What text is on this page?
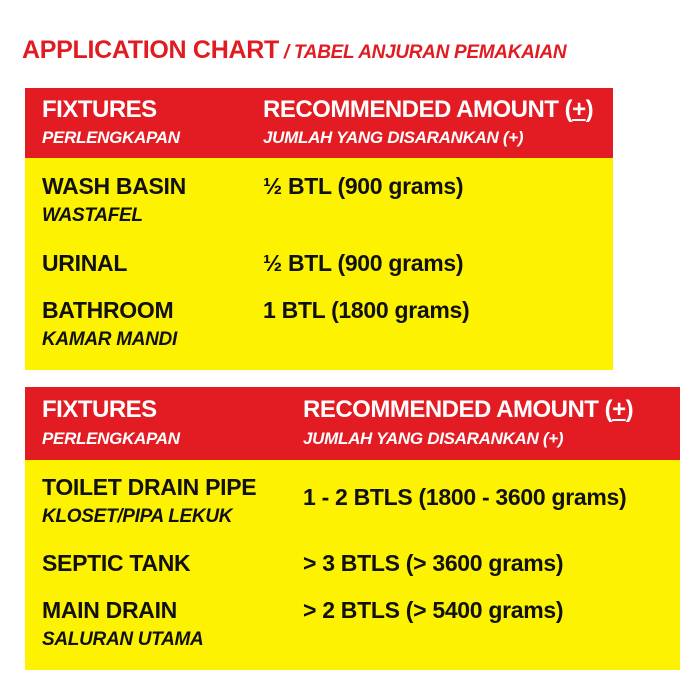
APPLICATION CHART / TABEL ANJURAN PEMAKAIAN
FIXTURES
PERLENGKAPAN
RECOMMENDED AMOUNT (+)
JUMLAH YANG DISARANKAN (+)
WASH BASIN
WASTAFEL
½ BTL (900 grams)
URINAL	½ BTL (900 grams)
BATHROOM
KAMAR MANDI
1 BTL (1800 grams)
FIXTURES
PERLENGKAPAN
RECOMMENDED AMOUNT (+)
JUMLAH YANG DISARANKAN (+)
TOILET DRAIN PIPE
KLOSET/PIPA LEKUK
1 - 2 BTLS (1800 - 3600 grams)
SEPTIC TANK	> 3 BTLS (> 3600 grams)
MAIN DRAIN
SALURAN UTAMA
> 2 BTLS (> 5400 grams)
